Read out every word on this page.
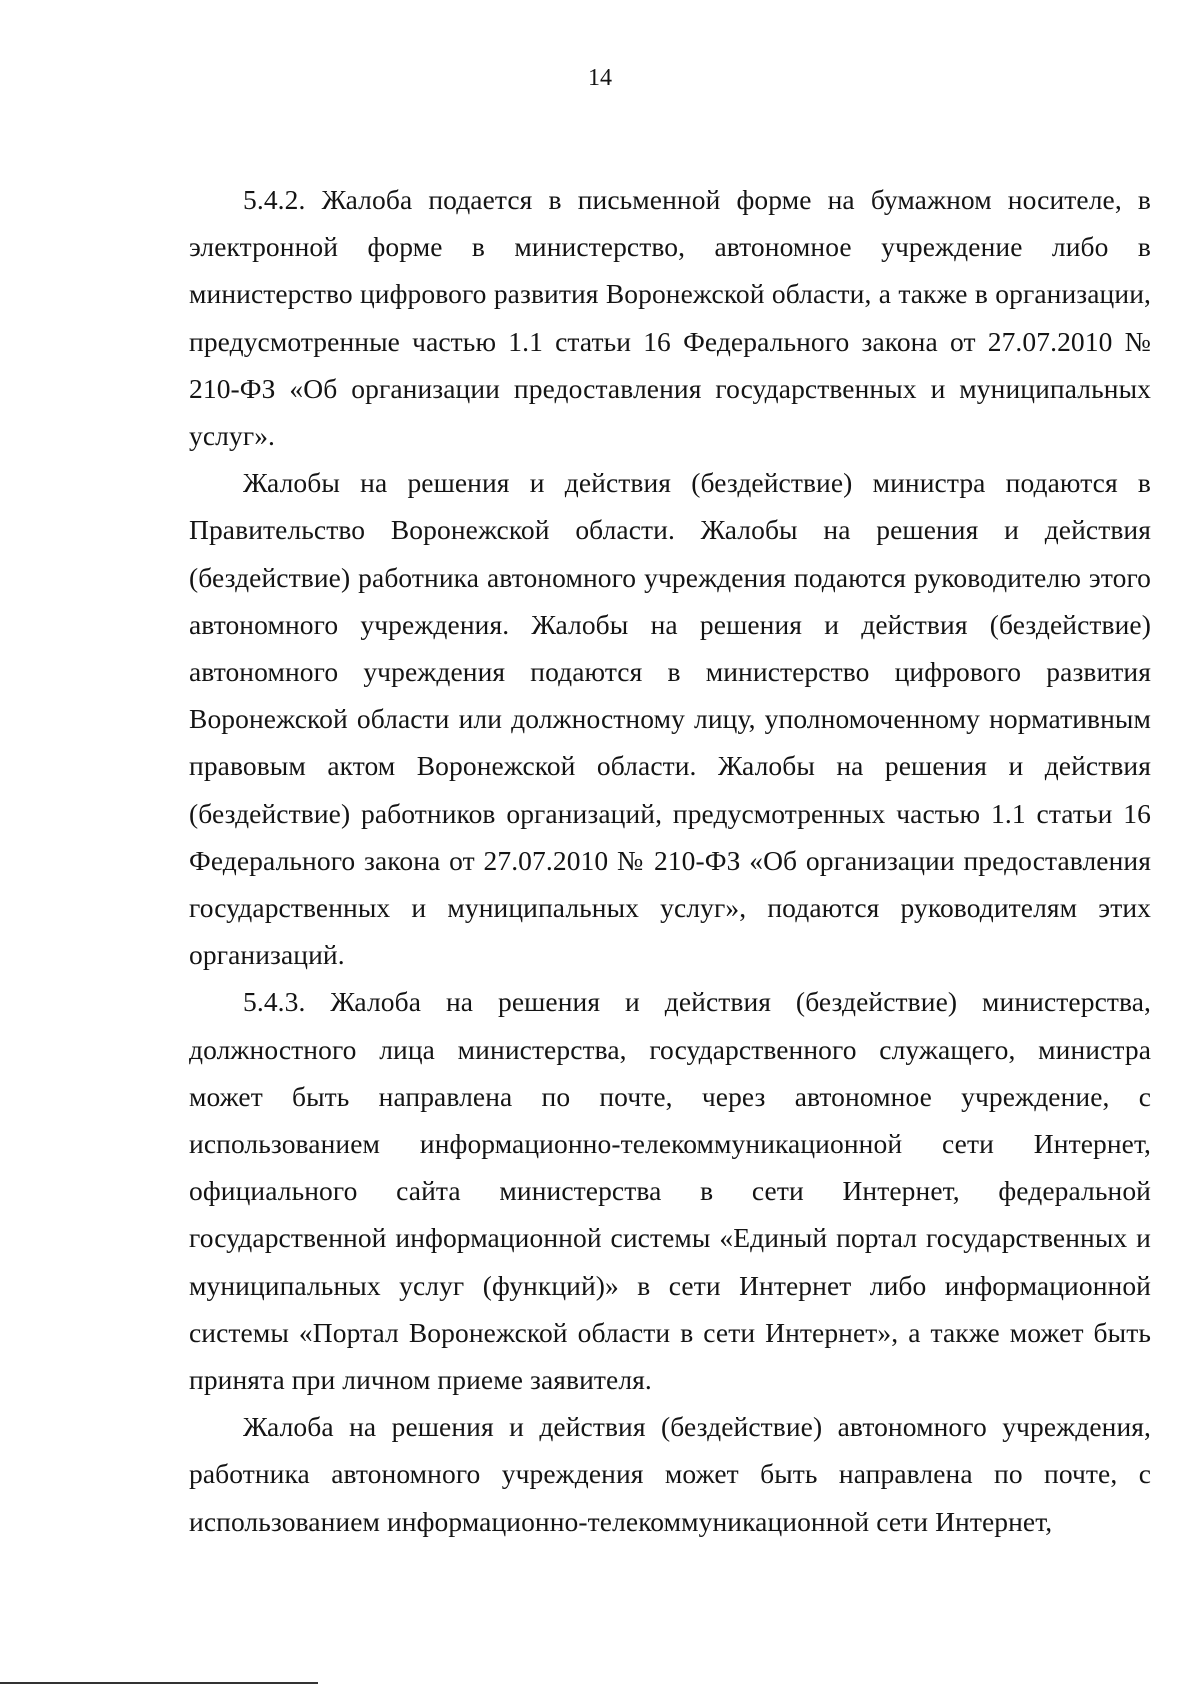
14

5.4.2. Жалоба подается в письменной форме на бумажном носителе, в электронной форме в министерство, автономное учреждение либо в министерство цифрового развития Воронежской области, а также в организации, предусмотренные частью 1.1 статьи 16 Федерального закона от 27.07.2010 № 210-ФЗ «Об организации предоставления государственных и муниципальных услуг».

Жалобы на решения и действия (бездействие) министра подаются в Правительство Воронежской области. Жалобы на решения и действия (бездействие) работника автономного учреждения подаются руководителю этого автономного учреждения. Жалобы на решения и действия (бездействие) автономного учреждения подаются в министерство цифрового развития Воронежской области или должностному лицу, уполномоченному нормативным правовым актом Воронежской области. Жалобы на решения и действия (бездействие) работников организаций, предусмотренных частью 1.1 статьи 16 Федерального закона от 27.07.2010 № 210-ФЗ «Об организации предоставления государственных и муниципальных услуг», подаются руководителям этих организаций.

5.4.3. Жалоба на решения и действия (бездействие) министерства, должностного лица министерства, государственного служащего, министра может быть направлена по почте, через автономное учреждение, с использованием информационно-телекоммуникационной сети Интернет, официального сайта министерства в сети Интернет, федеральной государственной информационной системы «Единый портал государственных и муниципальных услуг (функций)» в сети Интернет либо информационной системы «Портал Воронежской области в сети Интернет», а также может быть принята при личном приеме заявителя.

Жалоба на решения и действия (бездействие) автономного учреждения, работника автономного учреждения может быть направлена по почте, с использованием информационно-телекоммуникационной сети Интернет,
